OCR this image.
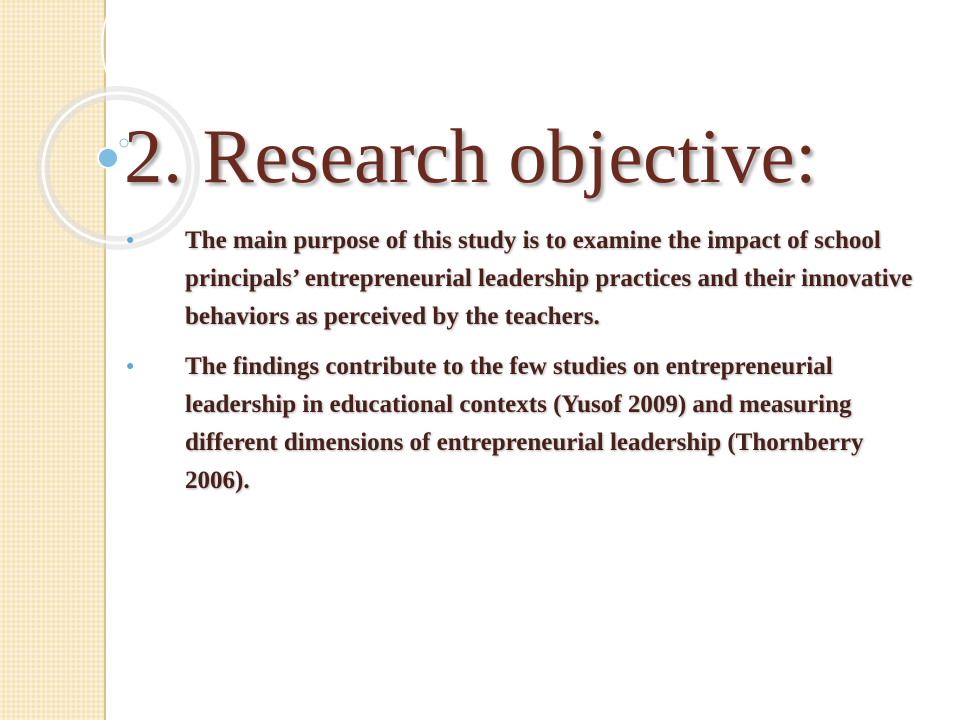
2. Research objective:
● The main purpose of this study is to examine the impact of school principals’ entrepreneurial leadership practices and their innovative behaviors as perceived by the teachers.
● The findings contribute to the few studies on entrepreneurial leadership in educational contexts (Yusof 2009) and measuring different dimensions of entrepreneurial leadership (Thornberry 2006).
